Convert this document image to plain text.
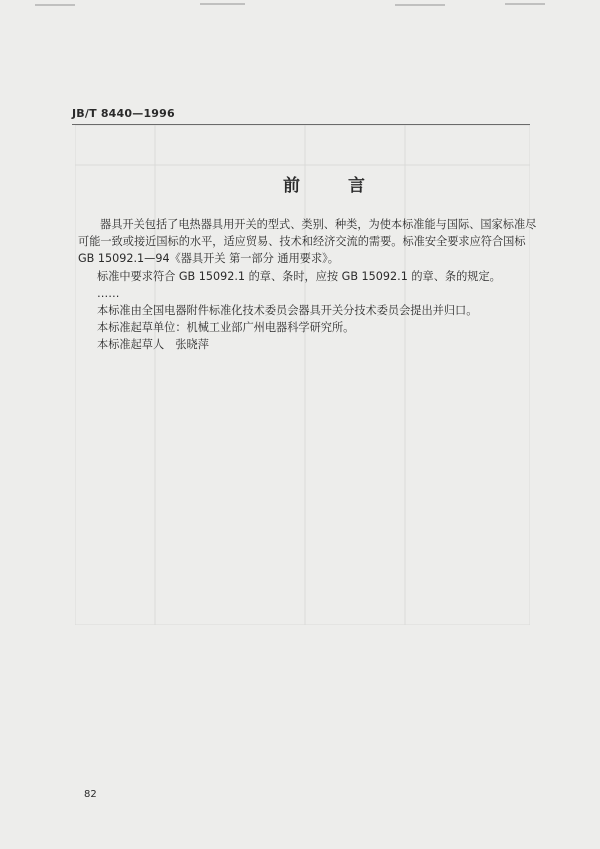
JB/T 8440—1996
前言

器具开关包括了电热器具用开关的型式、类别、种类，为使本标准能与国际、国家标准尽可能一致或接近国标的水平，适应贸易、技术和经济交流的需要。标准安全要求应符合国标 GB 15092.1—94《器具开关 第一部分 通用要求》。

标准中要求符合 GB 15092.1 的章、条时，应按 GB 15092.1 的章、条的规定。

……

本标准由全国电器附件标准化技术委员会器具开关分技术委员会提出并归口。

本标准起草单位：机械工业部广州电器科学研究所。

本标准起草人　张晓萍

82
